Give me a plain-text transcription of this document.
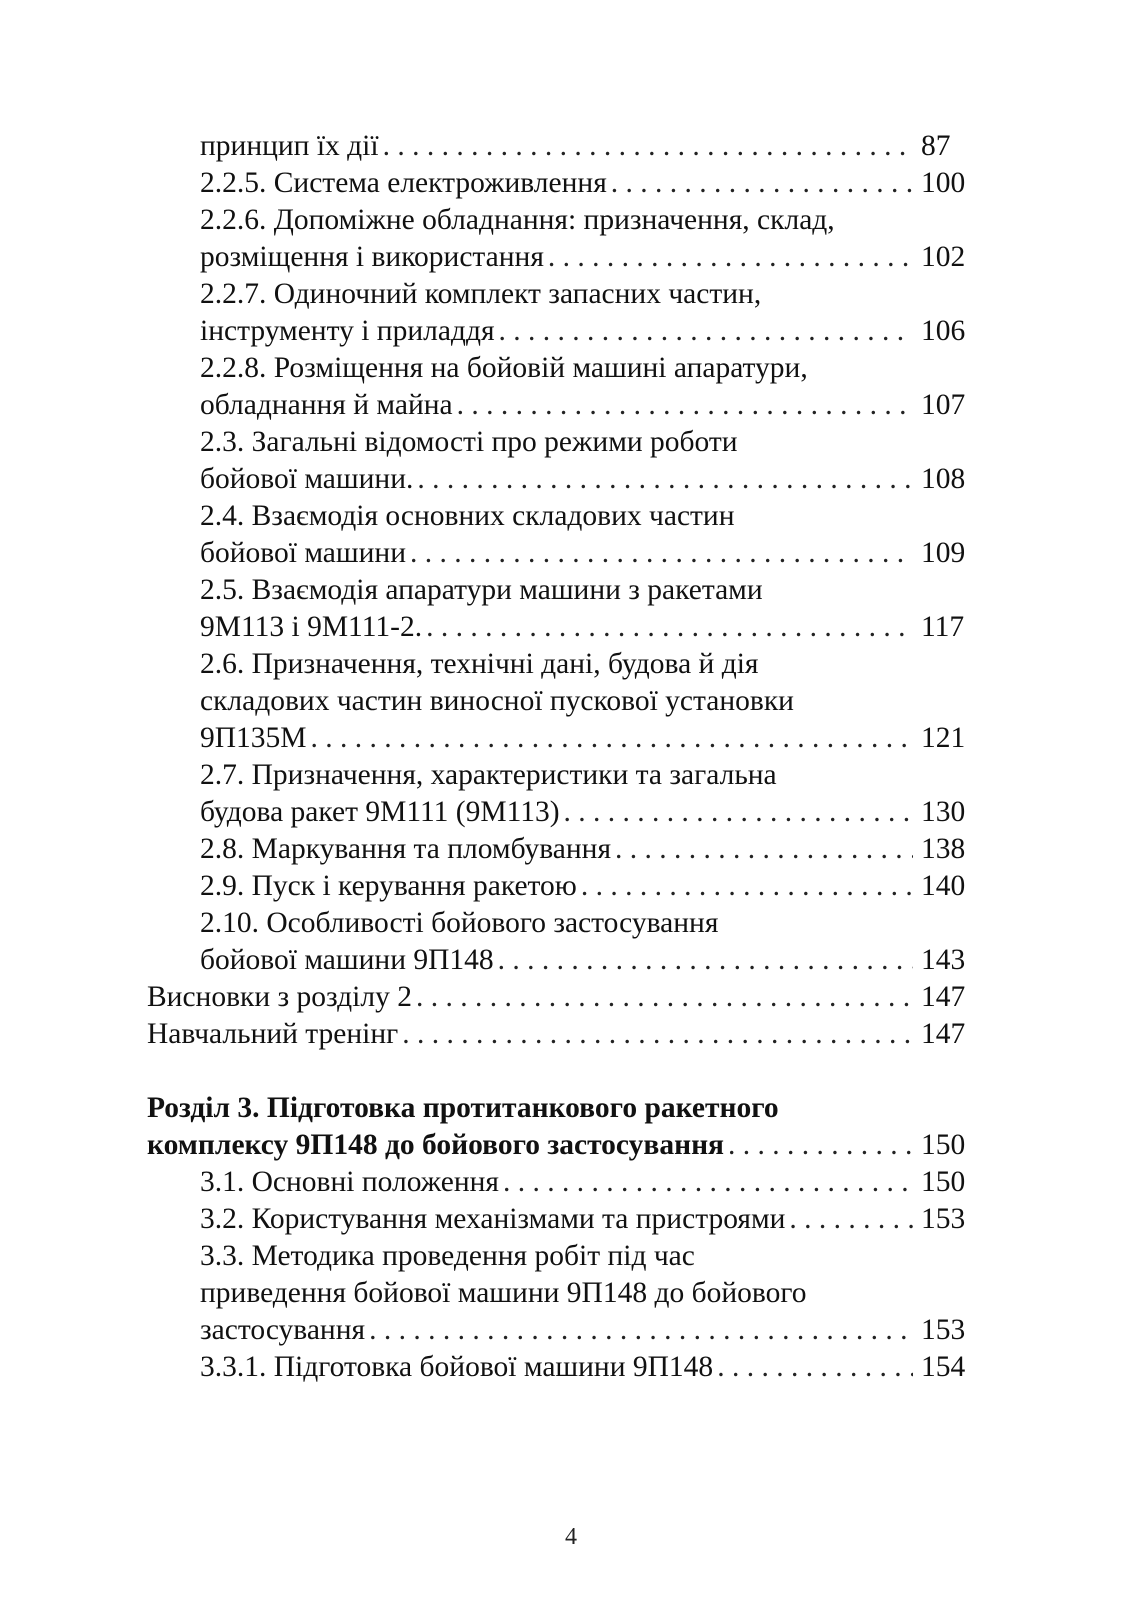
принцип їх дії . . .	87
2.2.5. Система електроживлення . . .	100
2.2.6. Допоміжне обладнання: призначення, склад,
розміщення і використання . . .	102
2.2.7. Одиночний комплект запасних частин,
інструменту і приладдя . . .	106
2.2.8. Розміщення на бойовій машині апаратури,
обладнання й майна . . .	107
2.3. Загальні відомості про режими роботи
бойової машини. . . .	108
2.4. Взаємодія основних складових частин
бойової машини . . .	109
2.5. Взаємодія апаратури машини з ракетами
9М113 і 9М111-2. . . .	117
2.6. Призначення, технічні дані, будова й дія
складових частин виносної пускової установки
9П135М . . .	121
2.7. Призначення, характеристики та загальна
будова ракет 9М111 (9М113) . . .	130
2.8. Маркування та пломбування . . .	138
2.9. Пуск і керування ракетою . . .	140
2.10. Особливості бойового застосування
бойової машини 9П148 . . .	143
Висновки з розділу 2 . . .	147
Навчальний тренінг . . .	147
Розділ 3. Підготовка протитанкового ракетного
комплексу 9П148 до бойового застосування . . .	150
3.1. Основні положення . . .	150
3.2. Користування механізмами та пристроями . . .	153
3.3. Методика проведення робіт під час
приведення бойової машини 9П148 до бойового
застосування . . .	153
3.3.1. Підготовка бойової машини 9П148 . . .	154
4
